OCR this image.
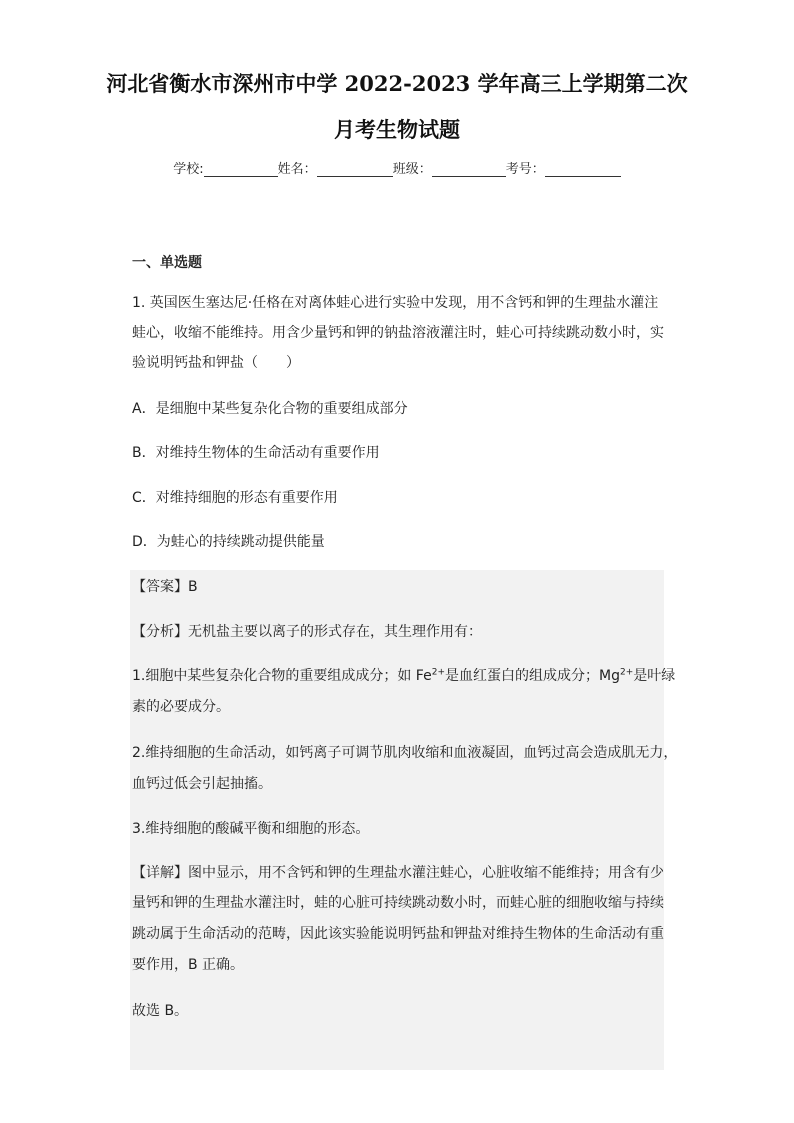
河北省衡水市深州市中学 2022-2023 学年高三上学期第二次
月考生物试题
学校:	姓名：	班级：	考号：
一、单选题

1. 英国医生塞达尼·任格在对离体蛙心进行实验中发现，用不含钙和钾的生理盐水灌注

蛙心，收缩不能维持。用含少量钙和钾的钠盐溶液灌注时，蛙心可持续跳动数小时，实

验说明钙盐和钾盐（　　）

A．是细胞中某些复杂化合物的重要组成部分

B．对维持生物体的生命活动有重要作用

C．对维持细胞的形态有重要作用

D．为蛙心的持续跳动提供能量

【答案】B

【分析】无机盐主要以离子的形式存在，其生理作用有：

1.细胞中某些复杂化合物的重要组成成分；如 $Fe^{2+}$是血红蛋白的组成成分；$Mg^{2+}$是叶绿

素的必要成分。

2.维持细胞的生命活动，如钙离子可调节肌肉收缩和血液凝固，血钙过高会造成肌无力，

血钙过低会引起抽搐。

3.维持细胞的酸碱平衡和细胞的形态。

【详解】图中显示，用不含钙和钾的生理盐水灌注蛙心，心脏收缩不能维持；用含有少

量钙和钾的生理盐水灌注时，蛙的心脏可持续跳动数小时，而蛙心脏的细胞收缩与持续

跳动属于生命活动的范畴，因此该实验能说明钙盐和钾盐对维持生物体的生命活动有重

要作用，B 正确。

故选 B。
